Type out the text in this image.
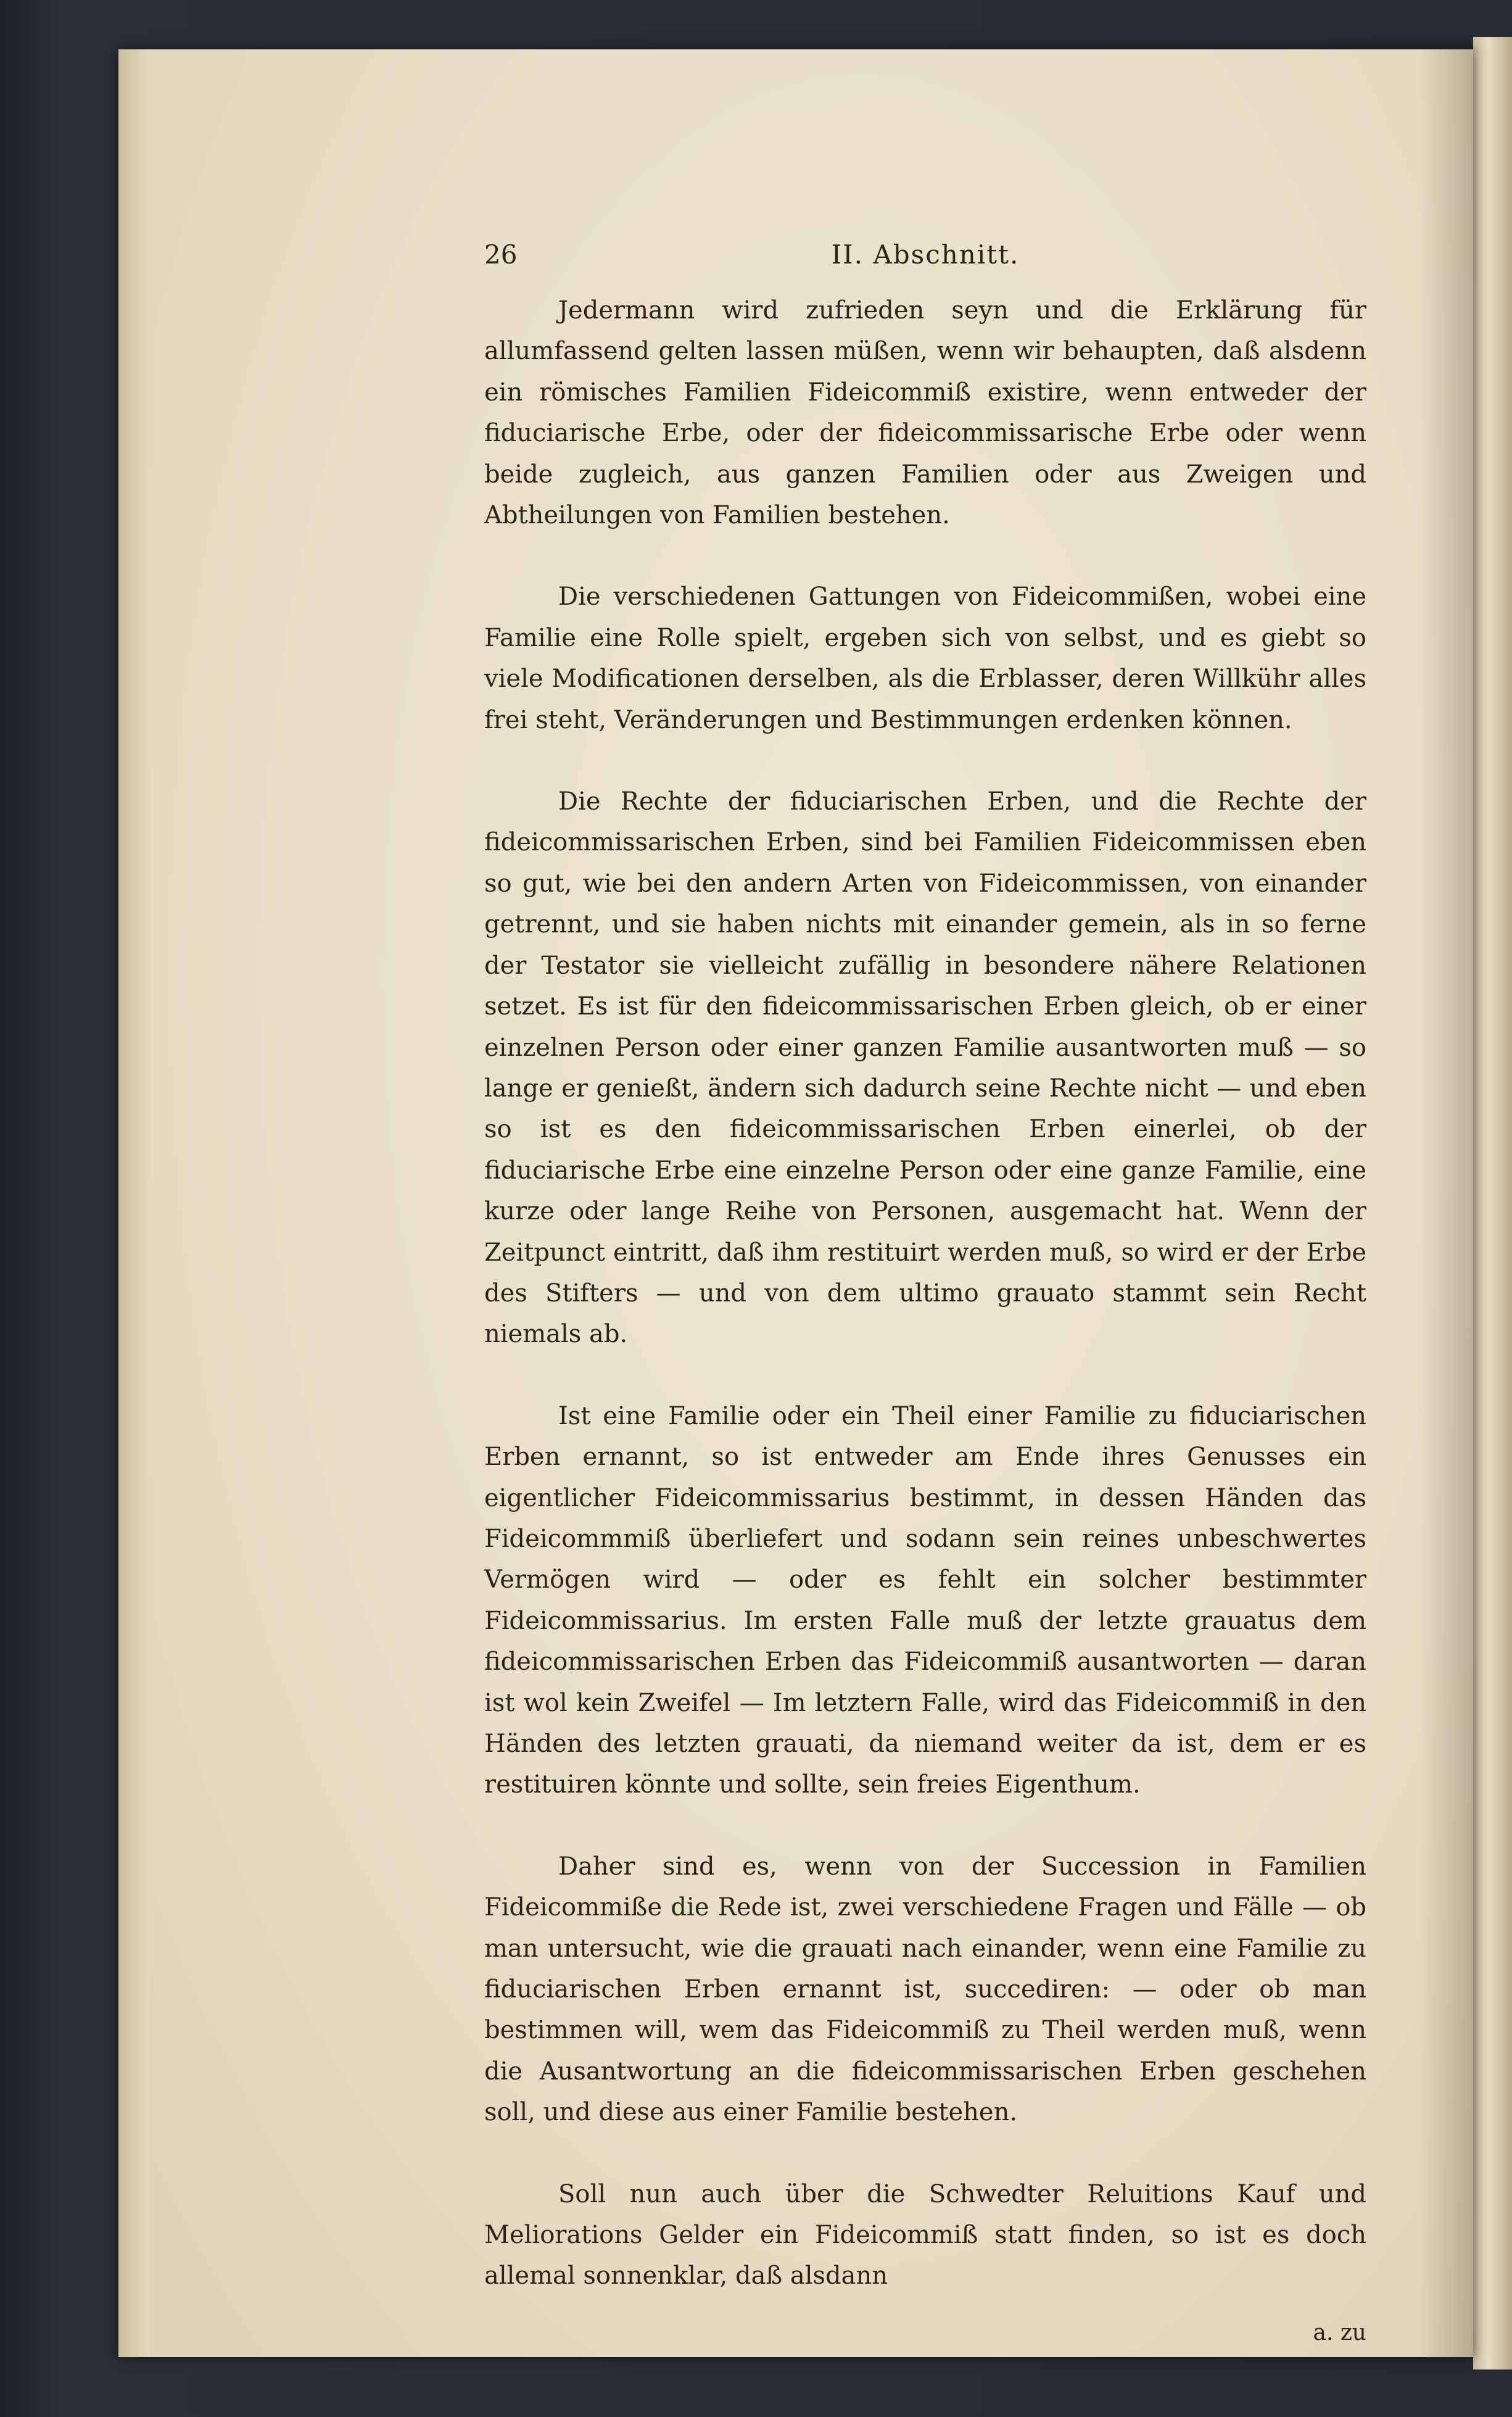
26	II. Abschnitt.

Jedermann wird zufrieden seyn und die Erklärung für allumfassend gelten lassen müßen, wenn wir behaupten, daß alsdenn ein römisches Familien Fideicommiß existire, wenn entweder der fiduciarische Erbe, oder der fideicommissarische Erbe oder wenn beide zugleich, aus ganzen Familien oder aus Zweigen und Abtheilungen von Familien bestehen.

Die verschiedenen Gattungen von Fideicommißen, wobei eine Familie eine Rolle spielt, ergeben sich von selbst, und es giebt so viele Modificationen derselben, als die Erblasser, deren Willkühr alles frei steht, Veränderungen und Bestimmungen erdenken können.

Die Rechte der fiduciarischen Erben, und die Rechte der fideicommissarischen Erben, sind bei Familien Fideicommissen eben so gut, wie bei den andern Arten von Fideicommissen, von einander getrennt, und sie haben nichts mit einander gemein, als in so ferne der Testator sie vielleicht zufällig in besondere nähere Relationen setzet. Es ist für den fideicommissarischen Erben gleich, ob er einer einzelnen Person oder einer ganzen Familie ausantworten muß — so lange er genießt, ändern sich dadurch seine Rechte nicht — und eben so ist es den fideicommissarischen Erben einerlei, ob der fiduciarische Erbe eine einzelne Person oder eine ganze Familie, eine kurze oder lange Reihe von Personen, ausgemacht hat. Wenn der Zeitpunct eintritt, daß ihm restituirt werden muß, so wird er der Erbe des Stifters — und von dem ultimo grauato stammt sein Recht niemals ab.

Ist eine Familie oder ein Theil einer Familie zu fiduciarischen Erben ernannt, so ist entweder am Ende ihres Genusses ein eigentlicher Fideicommissarius bestimmt, in dessen Händen das Fideicommmiß überliefert und sodann sein reines unbeschwertes Vermögen wird — oder es fehlt ein solcher bestimmter Fideicommissarius. Im ersten Falle muß der letzte grauatus dem fideicommissarischen Erben das Fideicommiß ausantworten — daran ist wol kein Zweifel — Im letztern Falle, wird das Fideicommiß in den Händen des letzten grauati, da niemand weiter da ist, dem er es restituiren könnte und sollte, sein freies Eigenthum.

Daher sind es, wenn von der Succession in Familien Fideicommiße die Rede ist, zwei verschiedene Fragen und Fälle — ob man untersucht, wie die grauati nach einander, wenn eine Familie zu fiduciarischen Erben ernannt ist, succediren: — oder ob man bestimmen will, wem das Fideicommiß zu Theil werden muß, wenn die Ausantwortung an die fideicommissarischen Erben geschehen soll, und diese aus einer Familie bestehen.

Soll nun auch über die Schwedter Reluitions Kauf und Meliorations Gelder ein Fideicommiß statt finden, so ist es doch allemal sonnenklar, daß alsdann

a. zu
